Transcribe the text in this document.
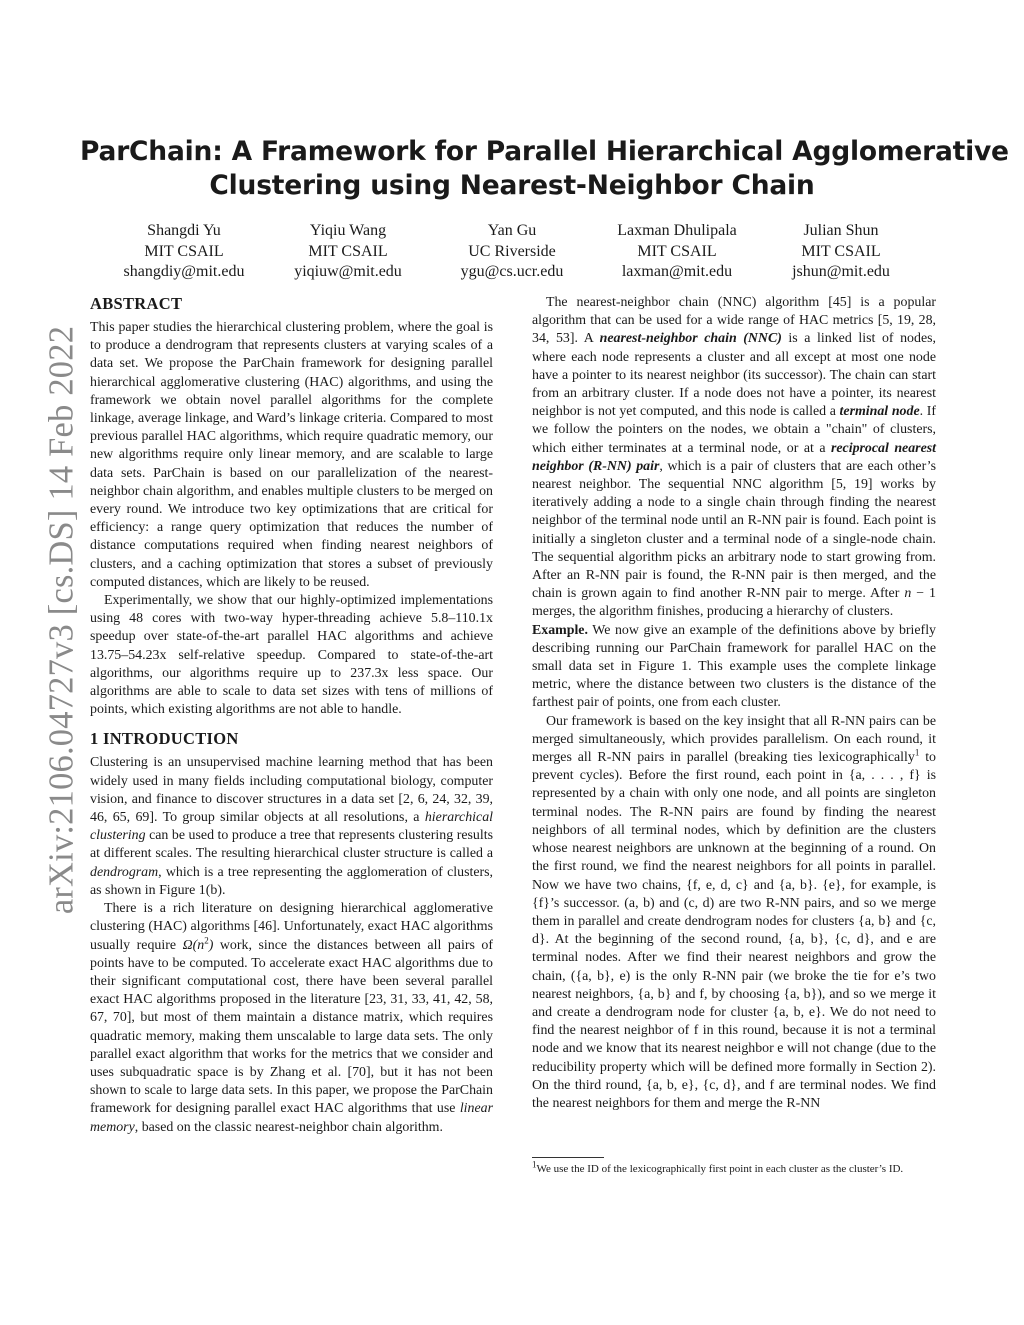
arXiv:2106.04727v3 [cs.DS] 14 Feb 2022
ParChain: A Framework for Parallel Hierarchical Agglomerative
Clustering using Nearest-Neighbor Chain
Shangdi Yu
MIT CSAIL
shangdiy@mit.edu
Yiqiu Wang
MIT CSAIL
yiqiuw@mit.edu
Yan Gu
UC Riverside
ygu@cs.ucr.edu
Laxman Dhulipala
MIT CSAIL
laxman@mit.edu
Julian Shun
MIT CSAIL
jshun@mit.edu
ABSTRACT

This paper studies the hierarchical clustering problem, where the goal is to produce a dendrogram that represents clusters at varying scales of a data set. We propose the ParChain framework for designing parallel hierarchical agglomerative clustering (HAC) algorithms, and using the framework we obtain novel parallel algorithms for the complete linkage, average linkage, and Ward’s linkage criteria. Compared to most previous parallel HAC algorithms, which require quadratic memory, our new algorithms require only linear memory, and are scalable to large data sets. ParChain is based on our parallelization of the nearest-neighbor chain algorithm, and enables multiple clusters to be merged on every round. We introduce two key optimizations that are critical for efficiency: a range query optimization that reduces the number of distance computations required when finding nearest neighbors of clusters, and a caching optimization that stores a subset of previously computed distances, which are likely to be reused.

Experimentally, we show that our highly-optimized implementations using 48 cores with two-way hyper-threading achieve 5.8–110.1x speedup over state-of-the-art parallel HAC algorithms and achieve 13.75–54.23x self-relative speedup. Compared to state-of-the-art algorithms, our algorithms require up to 237.3x less space. Our algorithms are able to scale to data set sizes with tens of millions of points, which existing algorithms are not able to handle.

1 INTRODUCTION

Clustering is an unsupervised machine learning method that has been widely used in many fields including computational biology, computer vision, and finance to discover structures in a data set [2, 6, 24, 32, 39, 46, 65, 69]. To group similar objects at all resolutions, a hierarchical clustering can be used to produce a tree that represents clustering results at different scales. The resulting hierarchical cluster structure is called a dendrogram, which is a tree representing the agglomeration of clusters, as shown in Figure 1(b).

There is a rich literature on designing hierarchical agglomerative clustering (HAC) algorithms [46]. Unfortunately, exact HAC algorithms usually require $\Omega(n^2)$ work, since the distances between all pairs of points have to be computed. To accelerate exact HAC algorithms due to their significant computational cost, there have been several parallel exact HAC algorithms proposed in the literature [23, 31, 33, 41, 42, 58, 67, 70], but most of them maintain a distance matrix, which requires quadratic memory, making them unscalable to large data sets. The only parallel exact algorithm that works for the metrics that we consider and uses subquadratic space is by Zhang et al. [70], but it has not been shown to scale to large data sets. In this paper, we propose the ParChain framework for designing parallel exact HAC algorithms that use linear memory, based on the classic nearest-neighbor chain algorithm.

The nearest-neighbor chain (NNC) algorithm [45] is a popular algorithm that can be used for a wide range of HAC metrics [5, 19, 28, 34, 53]. A nearest-neighbor chain (NNC) is a linked list of nodes, where each node represents a cluster and all except at most one node have a pointer to its nearest neighbor (its successor). The chain can start from an arbitrary cluster. If a node does not have a pointer, its nearest neighbor is not yet computed, and this node is called a terminal node. If we follow the pointers on the nodes, we obtain a "chain" of clusters, which either terminates at a terminal node, or at a reciprocal nearest neighbor (R-NN) pair, which is a pair of clusters that are each other’s nearest neighbor. The sequential NNC algorithm [5, 19] works by iteratively adding a node to a single chain through finding the nearest neighbor of the terminal node until an R-NN pair is found. Each point is initially a singleton cluster and a terminal node of a single-node chain. The sequential algorithm picks an arbitrary node to start growing from. After an R-NN pair is found, the R-NN pair is then merged, and the chain is grown again to find another R-NN pair to merge. After n − 1 merges, the algorithm finishes, producing a hierarchy of clusters.

Example. We now give an example of the definitions above by briefly describing running our ParChain framework for parallel HAC on the small data set in Figure 1. This example uses the complete linkage metric, where the distance between two clusters is the distance of the farthest pair of points, one from each cluster.

Our framework is based on the key insight that all R-NN pairs can be merged simultaneously, which provides parallelism. On each round, it merges all R-NN pairs in parallel (breaking ties lexicographically$^1$ to prevent cycles). Before the first round, each point in {a, . . . , f} is represented by a chain with only one node, and all points are singleton terminal nodes. The R-NN pairs are found by finding the nearest neighbors of all terminal nodes, which by definition are the clusters whose nearest neighbors are unknown at the beginning of a round. On the first round, we find the nearest neighbors for all points in parallel. Now we have two chains, {f, e, d, c} and {a, b}. {e}, for example, is {f}’s successor. (a, b) and (c, d) are two R-NN pairs, and so we merge them in parallel and create dendrogram nodes for clusters {a, b} and {c, d}. At the beginning of the second round, {a, b}, {c, d}, and e are terminal nodes. After we find their nearest neighbors and grow the chain, ({a, b}, e) is the only R-NN pair (we broke the tie for e’s two nearest neighbors, {a, b} and f, by choosing {a, b}), and so we merge it and create a dendrogram node for cluster {a, b, e}. We do not need to find the nearest neighbor of f in this round, because it is not a terminal node and we know that its nearest neighbor e will not change (due to the reducibility property which will be defined more formally in Section 2). On the third round, {a, b, e}, {c, d}, and f are terminal nodes. We find the nearest neighbors for them and merge the R-NN

$^1$We use the ID of the lexicographically first point in each cluster as the cluster’s ID.
